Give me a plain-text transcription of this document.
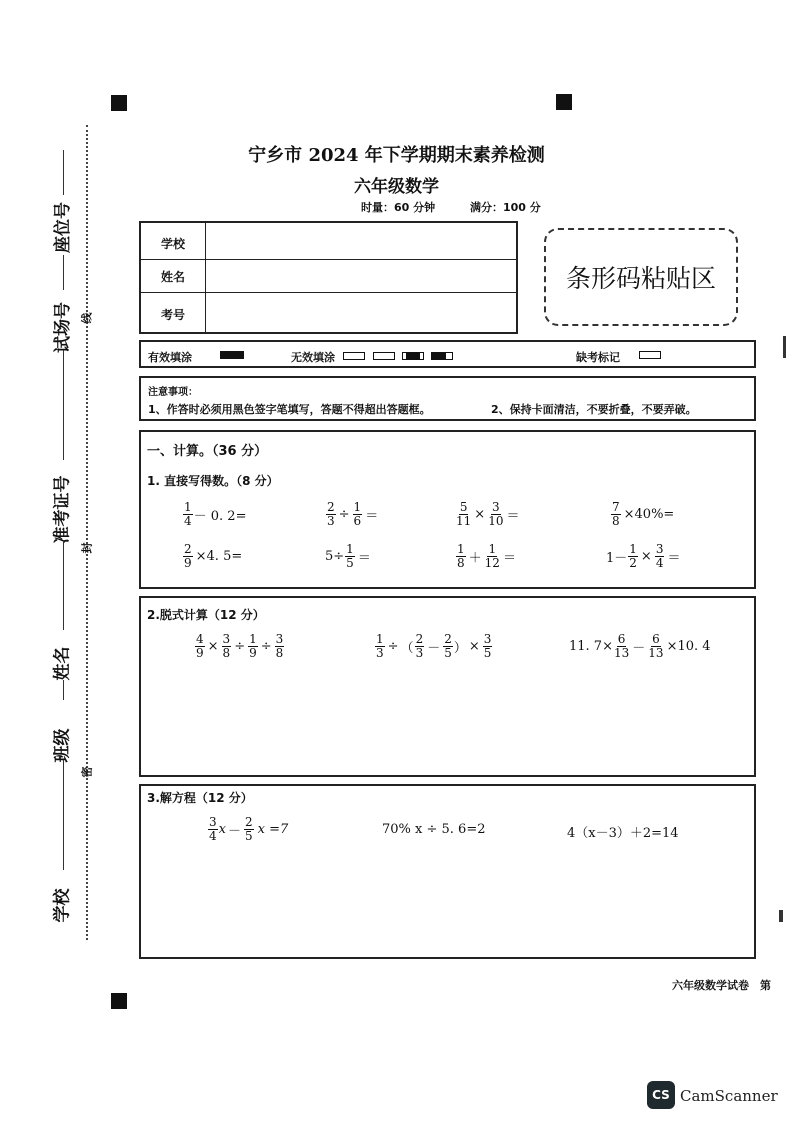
座位号
试场号
准考证号
姓名
班级
学校
线
封
密
宁乡市 2024 年下学期期末素养检测
六年级数学
时量：60 分钟	满分：100 分
学校
姓名
考号
条形码粘贴区
有效填涂	无效填涂	缺考标记
注意事项：
1、作答时必须用黑色签字笔填写，答题不得超出答题框。	2、保持卡面清洁，不要折叠，不要弄破。
一、计算。（36 分）
1. 直接写得数。（8 分）
$\frac{1}{4} - 0$. 2=	$\frac{2}{3} \div \frac{1}{6}$ ＝	$\frac{5}{11} \times \frac{3}{10}$ ＝	$\frac{7}{8} \times 40\%=$
$\frac{2}{9} \times 4$. 5=	$5\div \frac{1}{5}$ ＝	$\frac{1}{8} + \frac{1}{12}$ ＝	$1- \frac{1}{2} \times \frac{3}{4}$ ＝
2.脱式计算（12 分）
$\frac{4}{9} \times \frac{3}{8} \div \frac{1}{9} \div \frac{3}{8}$	$\frac{1}{3}$ ÷ （ $\frac{2}{3} - \frac{2}{5}$ ） × $\frac{3}{5}$	11. $7\times \frac{6}{13} - \frac{6}{13} \times 10$. 4
3.解方程（12 分）
$\frac{3}{4}$ $x - \frac{2}{5}$ x =7	70% x ÷ 5. 6=2	4（x－3）＋2=14
六年级数学试卷　第
CS CamScanner
